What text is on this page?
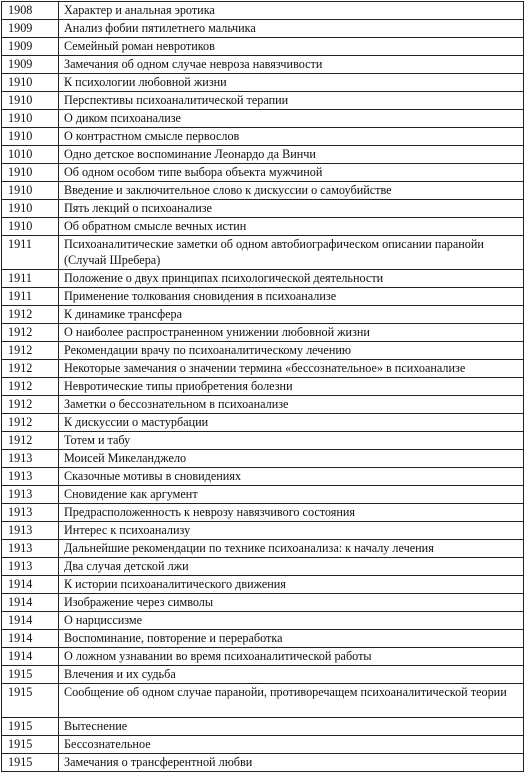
1908	Характер и анальная эротика
1909	Анализ фобии пятилетнего мальчика
1909	Семейный роман невротиков
1909	Замечания об одном случае невроза навязчивости
1910	К психологии любовной жизни
1910	Перспективы психоаналитической терапии
1910	О диком психоанализе
1910	О контрастном смысле первослов
1010	Одно детское воспоминание Леонардо да Винчи
1910	Об одном особом типе выбора объекта мужчиной
1910	Введение и заключительное слово к дискуссии о самоубийстве
1910	Пять лекций о психоанализе
1910	Об обратном смысле вечных истин
1911	Психоаналитические заметки об одном автобиографическом описании паранойи (Случай Шребера)
1911	Положение о двух принципах психологической деятельности
1911	Применение толкования сновидения в психоанализе
1912	К динамике трансфера
1912	О наиболее распространенном унижении любовной жизни
1912	Рекомендации врачу по психоаналитическому лечению
1912	Некоторые замечания о значении термина «бессознательное» в психоанализе
1912	Невротические типы приобретения болезни
1912	Заметки о бессознательном в психоанализе
1912	К дискуссии о мастурбации
1912	Тотем и табу
1913	Моисей Микеланджело
1913	Сказочные мотивы в сновидениях
1913	Сновидение как аргумент
1913	Предрасположенность к неврозу навязчивого состояния
1913	Интерес к психоанализу
1913	Дальнейшие рекомендации по технике психоанализа: к началу лечения
1913	Два случая детской лжи
1914	К истории психоаналитического движения
1914	Изображение через символы
1914	О нарциссизме
1914	Воспоминание, повторение и переработка
1914	О ложном узнавании во время психоаналитической работы
1915	Влечения и их судьба
1915	Сообщение об одном случае паранойи, противоречащем психоаналитической теории
1915	Вытеснение
1915	Бессознательное
1915	Замечания о трансферентной любви
